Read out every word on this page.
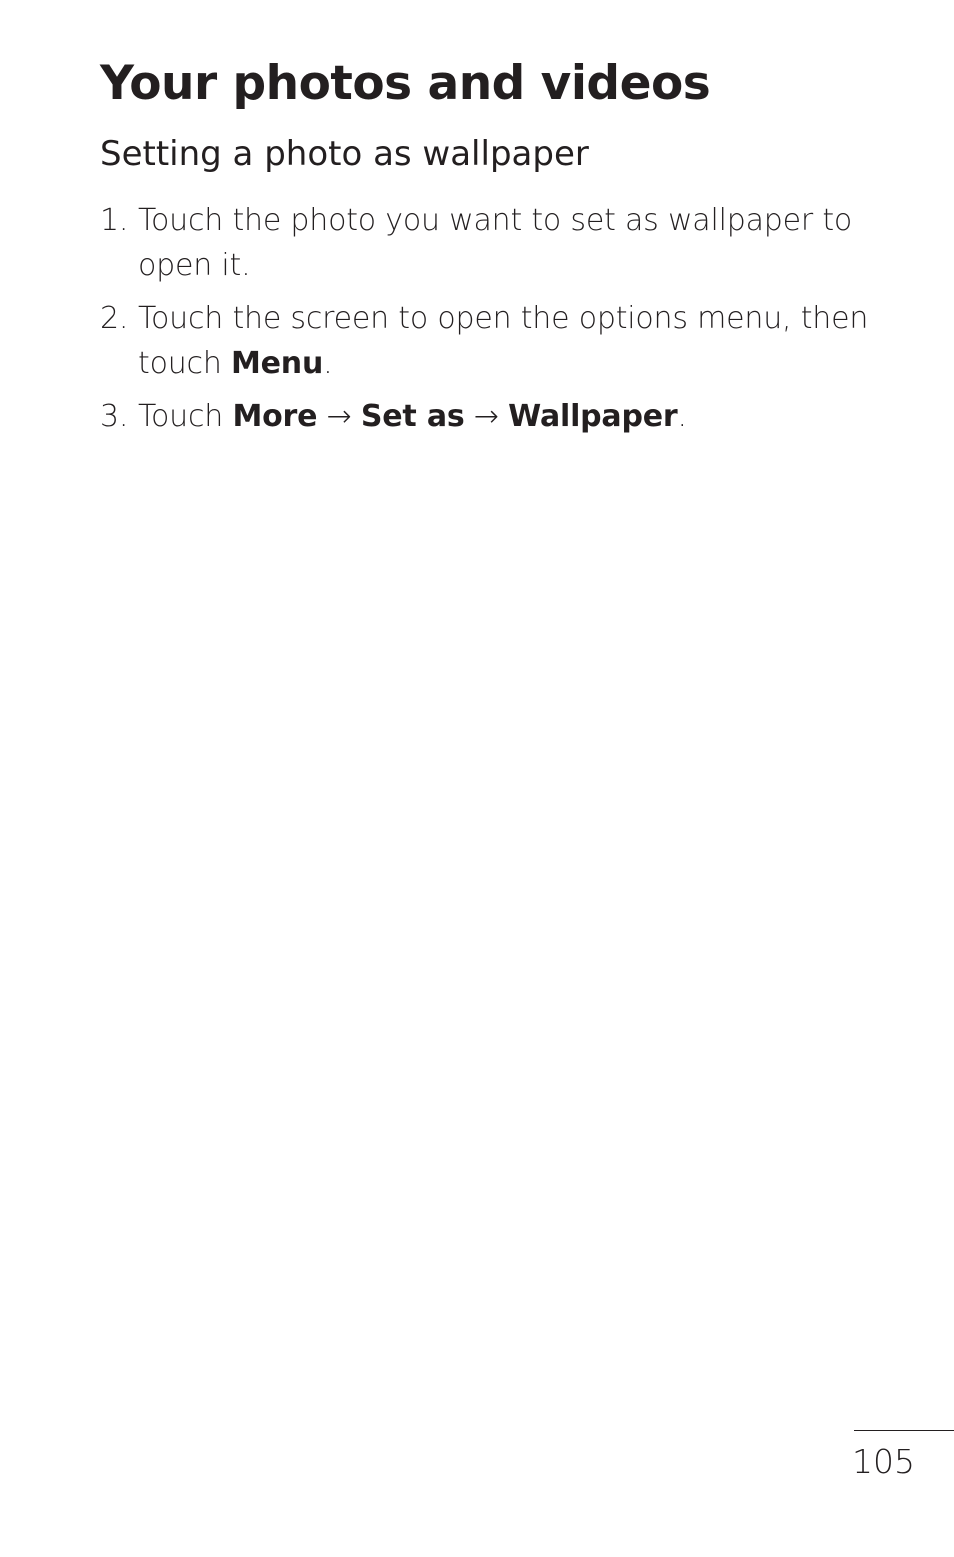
Your photos and videos
Setting a photo as wallpaper
1. Touch the photo you want to set as wallpaper to open it.
2. Touch the screen to open the options menu, then touch Menu.
3. Touch More → Set as → Wallpaper.
105
